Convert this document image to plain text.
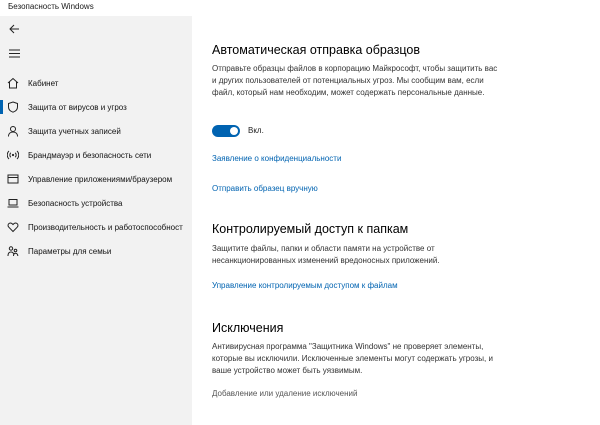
Безопасность Windows
Кабинет
Защита от вирусов и угроз
Защита учетных записей
Брандмауэр и безопасность сети
Управление приложениями/браузером
Безопасность устройства
Производительность и работоспособност
Параметры для семьи
Автоматическая отправка образцов
Отправьте образцы файлов в корпорацию Майкрософт, чтобы защитить вас и других пользователей от потенциальных угроз. Мы сообщим вам, если файл, который нам необходим, может содержать персональные данные.
Вкл.
Заявление о конфиденциальности
Отправить образец вручную
Контролируемый доступ к папкам
Защитите файлы, папки и области памяти на устройстве от несанкционированных изменений вредоносных приложений.
Управление контролируемым доступом к файлам
Исключения
Антивирусная программа "Защитника Windows" не проверяет элементы, которые вы исключили. Исключенные элементы могут содержать угрозы, и ваше устройство может быть уязвимым.
Добавление или удаление исключений
